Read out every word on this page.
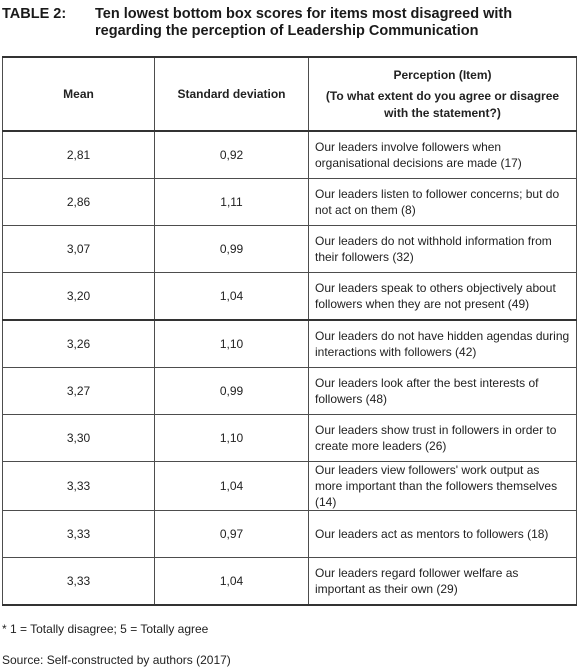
TABLE 2: Ten lowest bottom box scores for items most disagreed with regarding the perception of Leadership Communication
Mean	Standard deviation	Perception (Item)
(To what extent do you agree or disagree with the statement?)

2,81	0,92	Our leaders involve followers when organisational decisions are made (17)
2,86	1,11	Our leaders listen to follower concerns; but do not act on them (8)
3,07	0,99	Our leaders do not withhold information from their followers (32)
3,20	1,04	Our leaders speak to others objectively about followers when they are not present (49)
3,26	1,10	Our leaders do not have hidden agendas during interactions with followers (42)
3,27	0,99	Our leaders look after the best interests of followers (48)
3,30	1,10	Our leaders show trust in followers in order to create more leaders (26)
3,33	1,04	Our leaders view followers' work output as more important than the followers themselves (14)
3,33	0,97	Our leaders act as mentors to followers (18)
3,33	1,04	Our leaders regard follower welfare as important as their own (29)
* 1 = Totally disagree; 5 = Totally agree
Source: Self-constructed by authors (2017)
